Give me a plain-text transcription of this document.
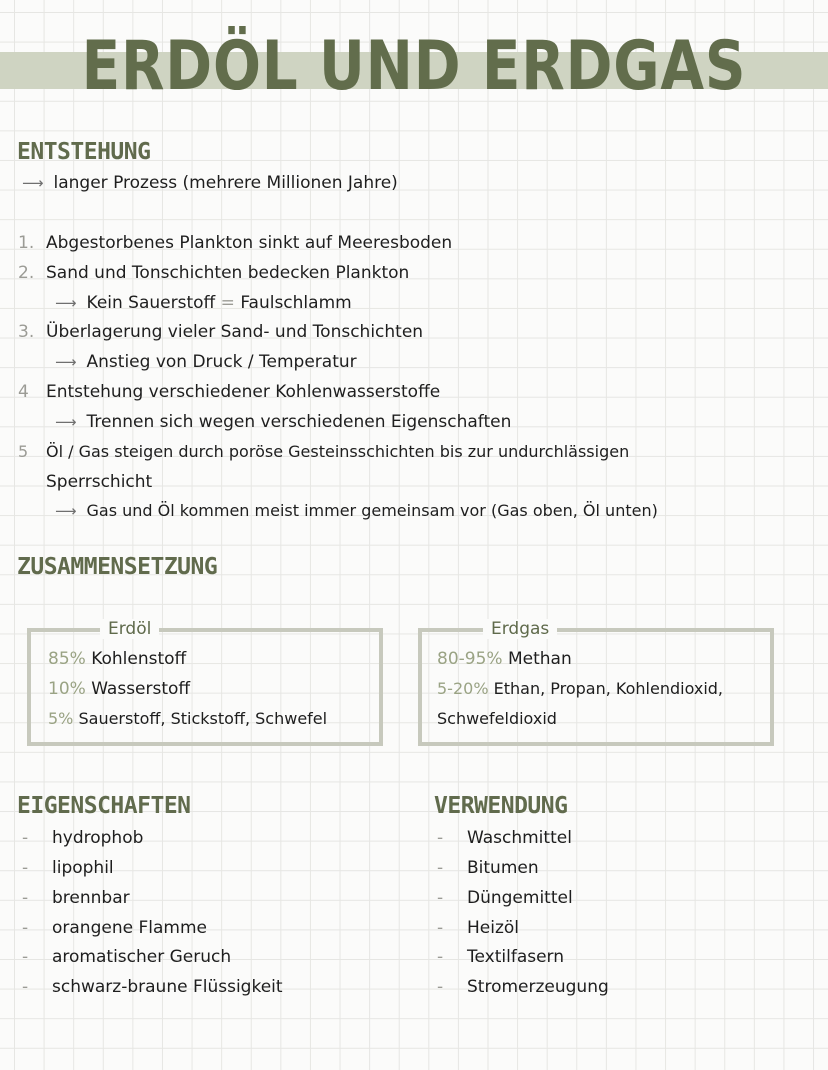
ERDÖL UND ERDGAS
ENTSTEHUNG
⟶ langer Prozess (mehrere Millionen Jahre)
1. Abgestorbenes Plankton sinkt auf Meeresboden
2. Sand und Tonschichten bedecken Plankton
⟶ Kein Sauerstoff = Faulschlamm
3. Überlagerung vieler Sand- und Tonschichten
⟶ Anstieg von Druck / Temperatur
4 Entstehung verschiedener Kohlenwasserstoffe
⟶ Trennen sich wegen verschiedenen Eigenschaften
5 Öl / Gas steigen durch poröse Gesteinsschichten bis zur undurchlässigen
Sperrschicht
⟶ Gas und Öl kommen meist immer gemeinsam vor (Gas oben, Öl unten)
ZUSAMMENSETZUNG
Erdöl
85% Kohlenstoff
10% Wasserstoff
5% Sauerstoff, Stickstoff, Schwefel
Erdgas
80-95% Methan
5-20% Ethan, Propan, Kohlendioxid,
Schwefeldioxid
EIGENSCHAFTEN
- hydrophob
- lipophil
- brennbar
- orangene Flamme
- aromatischer Geruch
- schwarz-braune Flüssigkeit
VERWENDUNG
- Waschmittel
- Bitumen
- Düngemittel
- Heizöl
- Textilfasern
- Stromerzeugung
